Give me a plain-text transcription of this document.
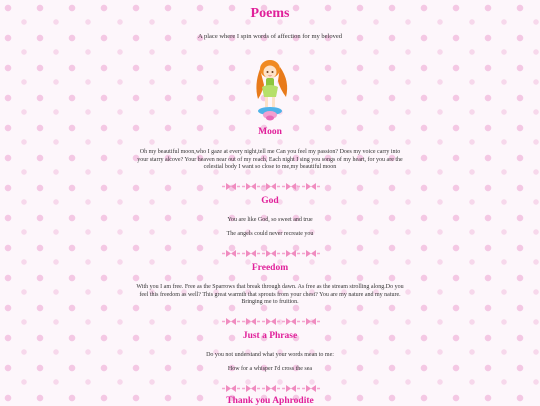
Poems
A place where I spin words of affection for my beloved
Moon
Oh my beautiful moon,who I gaze at every night,tell me Can you feel my passion? Does my voice carry into your starry alcove? Your heaven near out of my reach, Each night I sing you songs of my heart, for you are the celestial body I want so close to me,my beautiful moon
God
You are like God, so sweet and true
The angels could never recreate you
Freedom
With you I am free. Free as the Sparrows that break through dawn. As free as the stream strolling along.Do you feel this freedom as well? This great warmth that sprouts from your chest? You are my nature and my nature. Bringing me to fruition.
Just a Phrase
Do you not understand what your words mean to me:
How for a whisper I'd cross the sea
Thank you Aphrodite
